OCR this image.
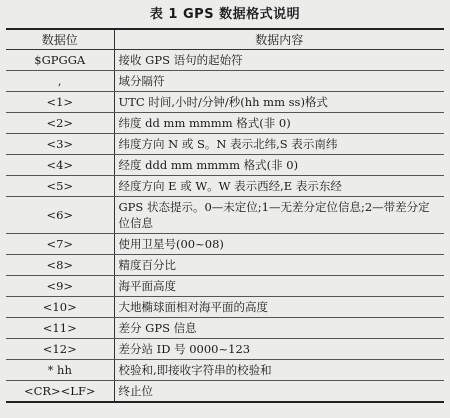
表 1 GPS 数据格式说明
数据位	数据内容
$GPGGA	接收 GPS 语句的起始符
,	域分隔符
<1>	UTC 时间,小时/分钟/秒(hh mm ss)格式
<2>	纬度 dd mm mmmm 格式(非 0)
<3>	纬度方向 N 或 S。N 表示北纬,S 表示南纬
<4>	经度 ddd mm mmmm 格式(非 0)
<5>	经度方向 E 或 W。W 表示西经,E 表示东经
<6>	GPS 状态提示。0—未定位;1—无差分定位信息;2—带差分定位信息
<7>	使用卫星号(00~08)
<8>	精度百分比
<9>	海平面高度
<10>	大地椭球面相对海平面的高度
<11>	差分 GPS 信息
<12>	差分站 ID 号 0000~123
* hh	校验和,即接收字符串的校验和
<CR><LF>	终止位
